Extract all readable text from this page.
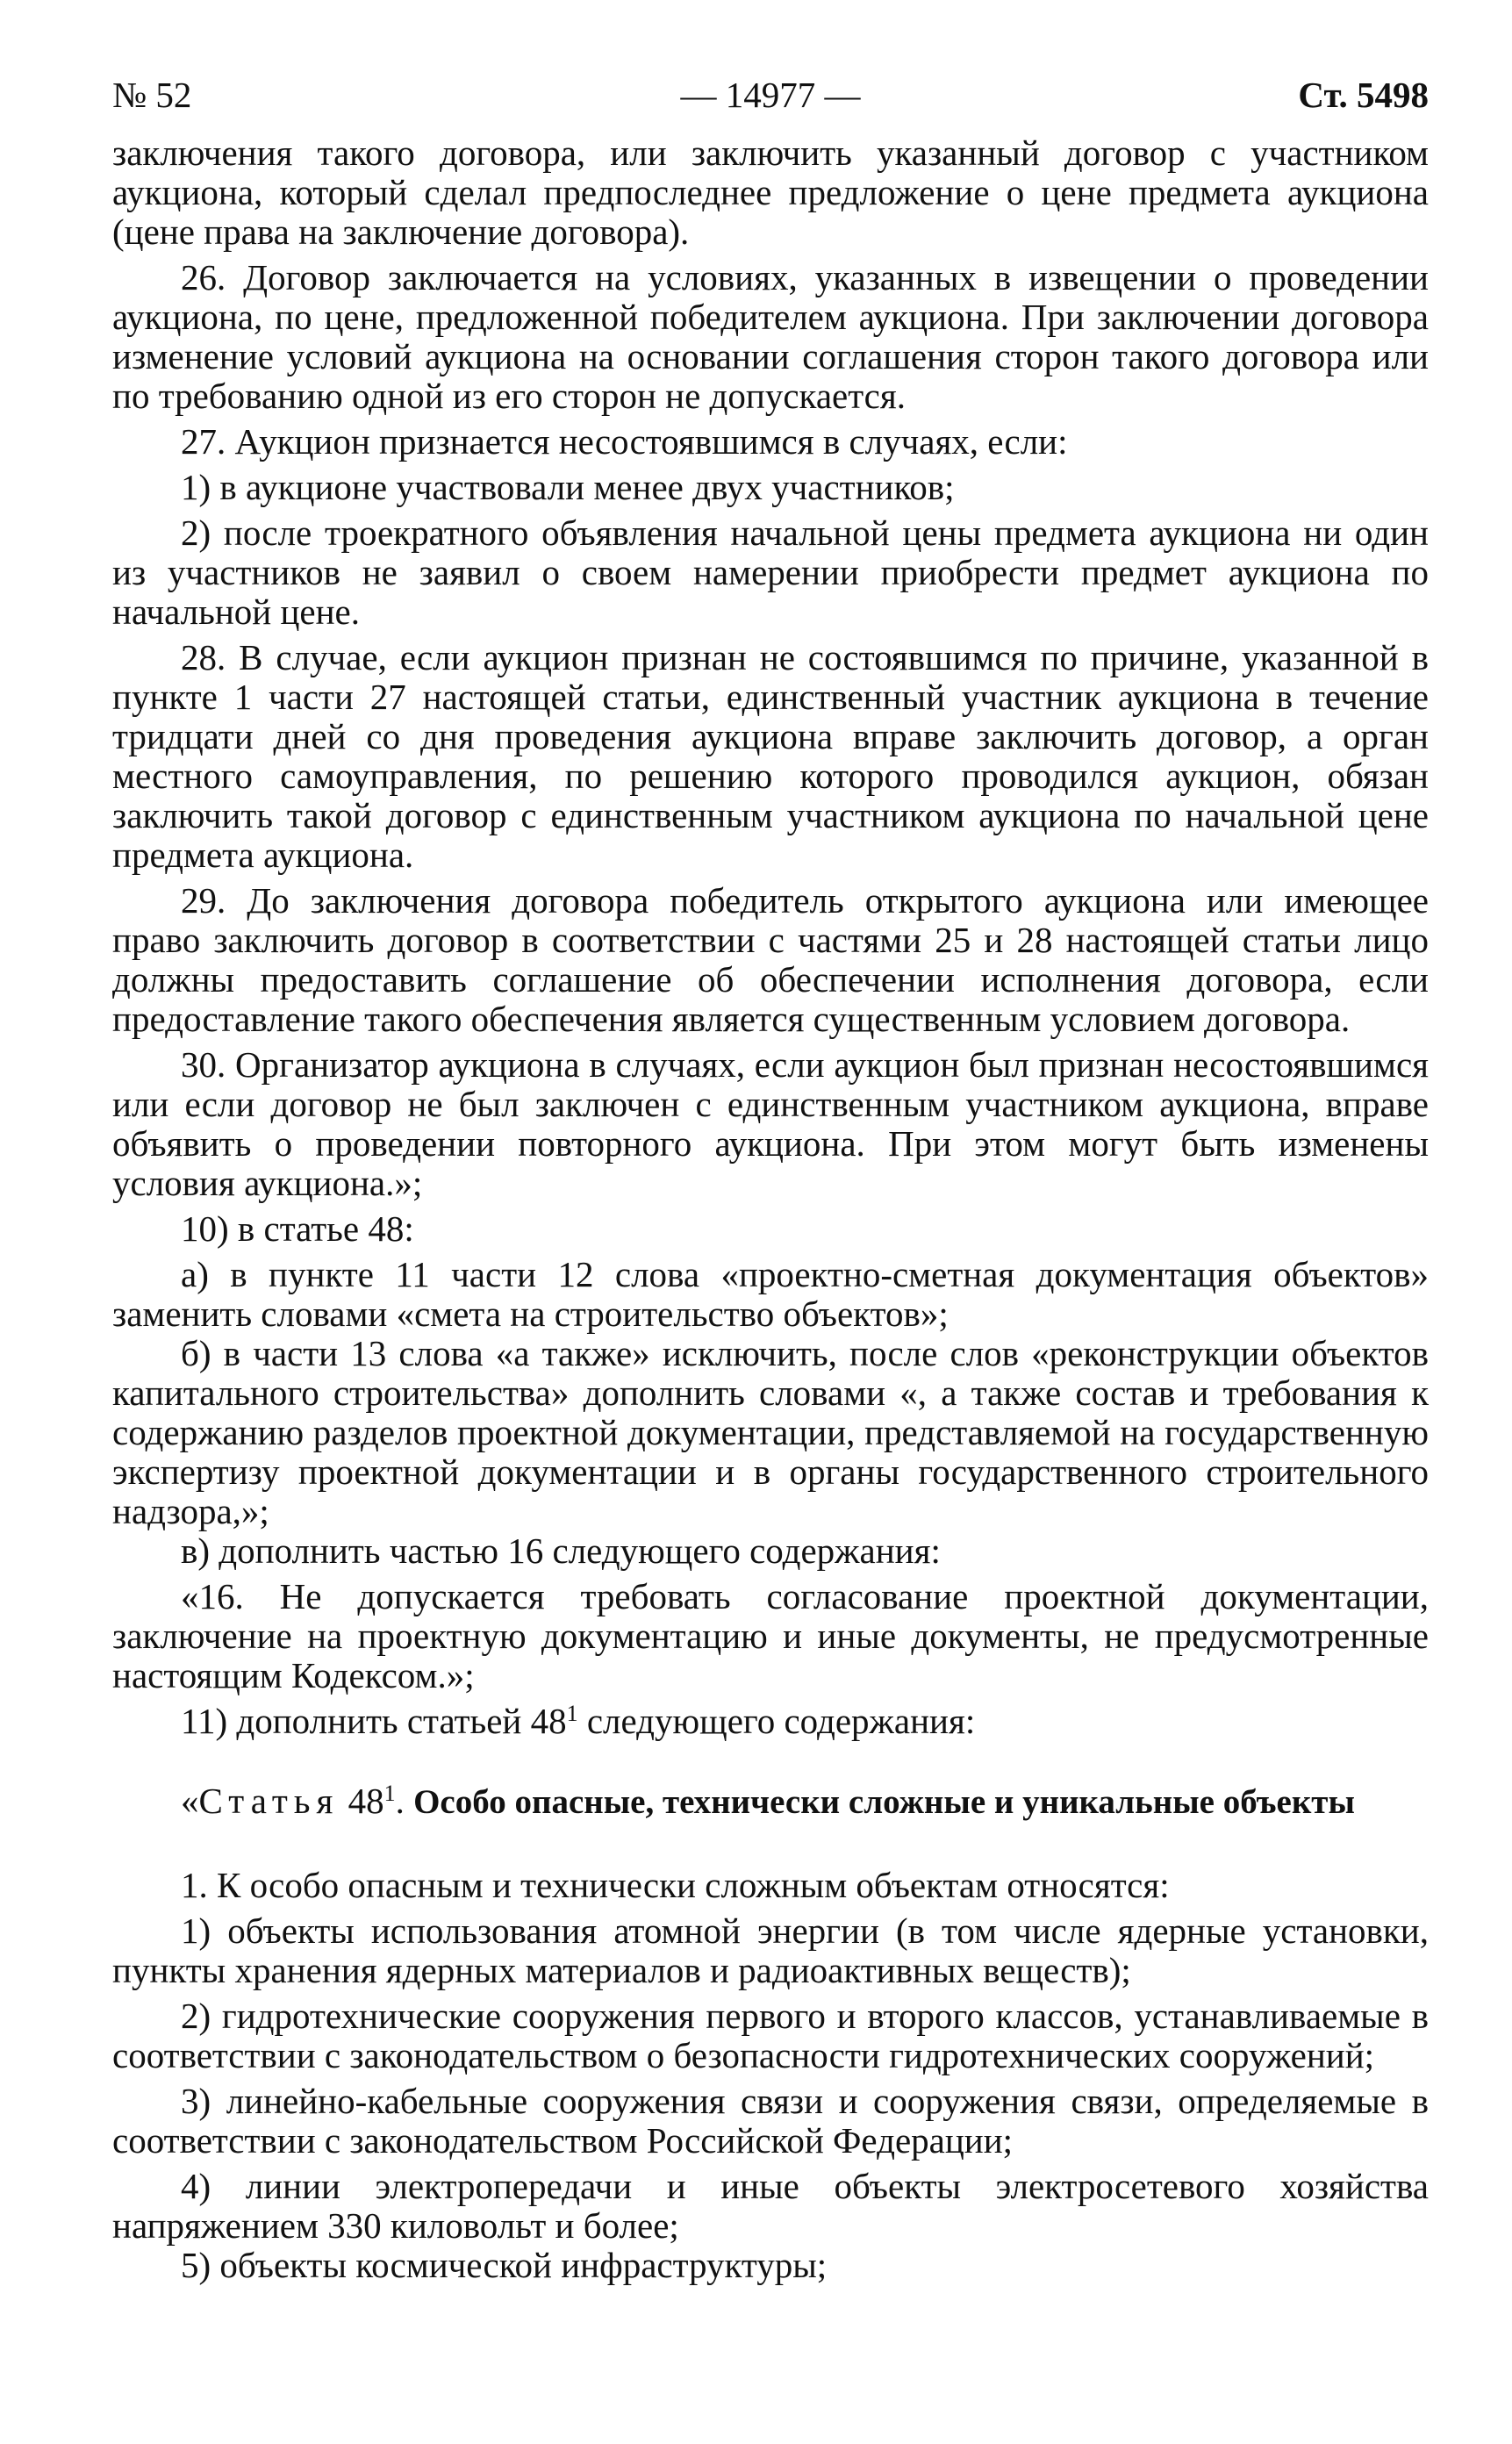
№ 52	— 14977 —	Ст. 5498

заключения такого договора, или заключить указанный договор с участником аукциона, который сделал предпоследнее предложение о цене предмета аукциона (цене права на заключение договора).

26. Договор заключается на условиях, указанных в извещении о проведении аукциона, по цене, предложенной победителем аукциона. При заключении договора изменение условий аукциона на основании соглашения сторон такого договора или по требованию одной из его сторон не допускается.

27. Аукцион признается несостоявшимся в случаях, если:

1) в аукционе участвовали менее двух участников;

2) после троекратного объявления начальной цены предмета аукциона ни один из участников не заявил о своем намерении приобрести предмет аукциона по начальной цене.

28. В случае, если аукцион признан не состоявшимся по причине, указанной в пункте 1 части 27 настоящей статьи, единственный участник аукциона в течение тридцати дней со дня проведения аукциона вправе заключить договор, а орган местного самоуправления, по решению которого проводился аукцион, обязан заключить такой договор с единственным участником аукциона по начальной цене предмета аукциона.

29. До заключения договора победитель открытого аукциона или имеющее право заключить договор в соответствии с частями 25 и 28 настоящей статьи лицо должны предоставить соглашение об обеспечении исполнения договора, если предоставление такого обеспечения является существенным условием договора.

30. Организатор аукциона в случаях, если аукцион был признан несостоявшимся или если договор не был заключен с единственным участником аукциона, вправе объявить о проведении повторного аукциона. При этом могут быть изменены условия аукциона.»;

10) в статье 48:

а) в пункте 11 части 12 слова «проектно-сметная документация объектов» заменить словами «смета на строительство объектов»;

б) в части 13 слова «а также» исключить, после слов «реконструкции объектов капитального строительства» дополнить словами «, а также состав и требования к содержанию разделов проектной документации, представляемой на государственную экспертизу проектной документации и в органы государственного строительного надзора,»;

в) дополнить частью 16 следующего содержания:

«16. Не допускается требовать согласование проектной документации, заключение на проектную документацию и иные документы, не предусмотренные настоящим Кодексом.»;

11) дополнить статьей $48^1$ следующего содержания:

«Статья $48^1$. Особо опасные, технически сложные и уникальные объекты

1. К особо опасным и технически сложным объектам относятся:

1) объекты использования атомной энергии (в том числе ядерные установки, пункты хранения ядерных материалов и радиоактивных веществ);

2) гидротехнические сооружения первого и второго классов, устанавливаемые в соответствии с законодательством о безопасности гидротехнических сооружений;

3) линейно-кабельные сооружения связи и сооружения связи, определяемые в соответствии с законодательством Российской Федерации;

4) линии электропередачи и иные объекты электросетевого хозяйства напряжением 330 киловольт и более;

5) объекты космической инфраструктуры;
